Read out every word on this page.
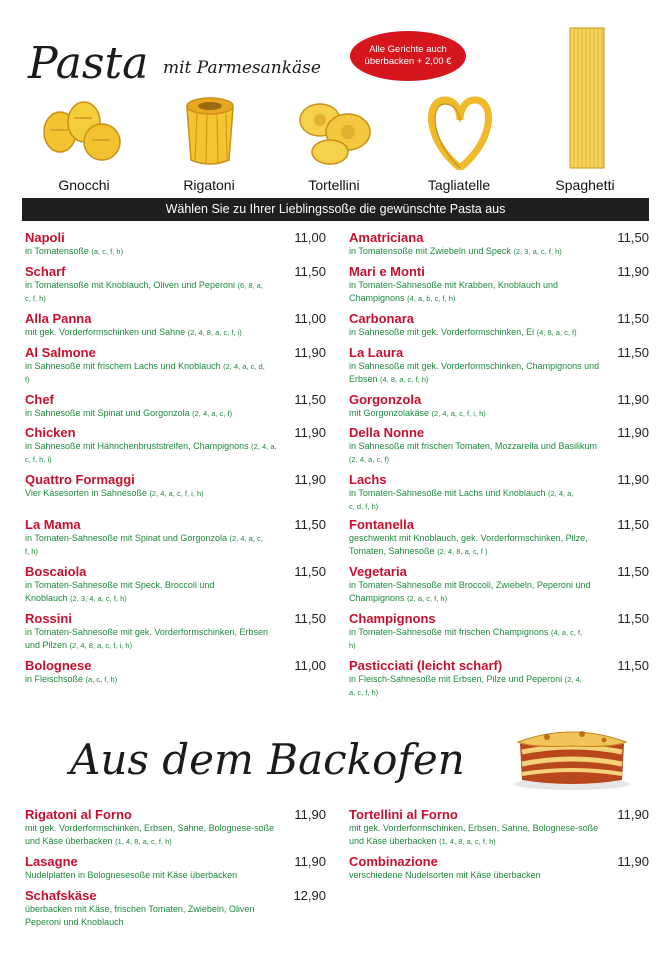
Pasta mit Parmesankäse
Alle Gerichte auch überbacken + 2,00 €
Gnocchi	Rigatoni	Tortellini	Tagliatelle	Spaghetti
Wählen Sie zu Ihrer Lieblingssoße die gewünschte Pasta aus
Napoli
in Tomatensoße (a, c, f, h)
11,00
Scharf
in Tomatensoße mit Knoblauch, Oliven und Peperoni (6, 8, a, c, f, h)
11,50
Alla Panna
mit gek. Vorderformschinken und Sahne (2, 4, 8, a, c, f, i)
11,00
Al Salmone
in Sahnesoße mit frischem Lachs und Knoblauch (2, 4, a, c, d, f)
11,90
Chef
in Sahnesoße mit Spinat und Gorgonzola (2, 4, a, c, f)
11,50
Chicken
in Sahnesoße mit Hähnchenbruststreifen, Champignons (2, 4, a, c, f, h, i)
11,90
Quattro Formaggi
Vier Käsesorten in Sahnesoße (2, 4, a, c, f, i, h)
11,90
La Mama
in Tomaten-Sahnesoße mit Spinat und Gorgonzola (2, 4, a, c, f, h)
11,50
Boscaiola
in Tomaten-Sahnesoße mit Speck, Broccoli und Knoblauch (2, 3, 4, a, c, f, h)
11,50
Rossini
in Tomaten-Sahnesoße mit gek. Vorderformschinken, Erbsen und Pilzen (2, 4, 8, a, c, f, i, h)
11,50
Bolognese
in Fleischsoße (a, c, f, h)
11,00
Amatriciana
in Tomatensoße mit Zwiebeln und Speck (2, 3, a, c, f, h)
11,50
Mari e Monti
in Tomaten-Sahnesoße mit Krabben, Knoblauch und Champignons (4, a, b, c, f, h)
11,90
Carbonara
in Sahnesoße mit gek. Vorderformschinken, Ei (4, 8, a, c, f)
11,50
La Laura
in Sahnesoße mit gek. Vorderformschinken, Champignons und Erbsen (4, 8, a, c, f, h)
11,50
Gorgonzola
mit Gorgonzolakäse (2, 4, a, c, f, i, h)
11,90
Della Nonne
in Sahnesoße mit frischen Tomaten, Mozzarella und Basilikum (2, 4, a, c, f)
11,90
Lachs
in Tomaten-Sahnesoße mit Lachs und Knoblauch (2, 4, a, c, d, f, h)
11,90
Fontanella
geschwenkt mit Knoblauch, gek. Vorderformschinken, Pilze, Tomaten, Sahnesoße (2, 4, 8, a, c, f )
11,50
Vegetaria
in Tomaten-Sahnesoße mit Broccoli, Zwiebeln, Peperoni und Champignons (2, a, c, f, h)
11,50
Champignons
in Tomaten-Sahnesoße mit frischen Champignons (4, a, c, f, h)
11,50
Pasticciati (leicht scharf)
in Fleisch-Sahnesoße mit Erbsen, Pilze und Peperoni (2, 4, a, c, f, h)
11,50
Aus dem Backofen
Rigatoni al Forno
mit gek. Vorderformschinken, Erbsen, Sahne, Bolognese-soße und Käse überbacken (1, 4, 8, a, c, f, h)
11,90
Lasagne
Nudelplatten in Bolognesesoße mit Käse überbacken
11,90
Schafskäse
überbacken mit Käse, frischen Tomaten, Zwiebeln, Oliven Peperoni und Knoblauch
12,90
Tortellini al Forno
mit gek. Vorderformschinken, Erbsen, Sahne, Bolognese-soße und Käse überbacken (1, 4, 8, a, c, f, h)
11,90
Combinazione
verschiedene Nudelsorten mit Käse überbacken
11,90
